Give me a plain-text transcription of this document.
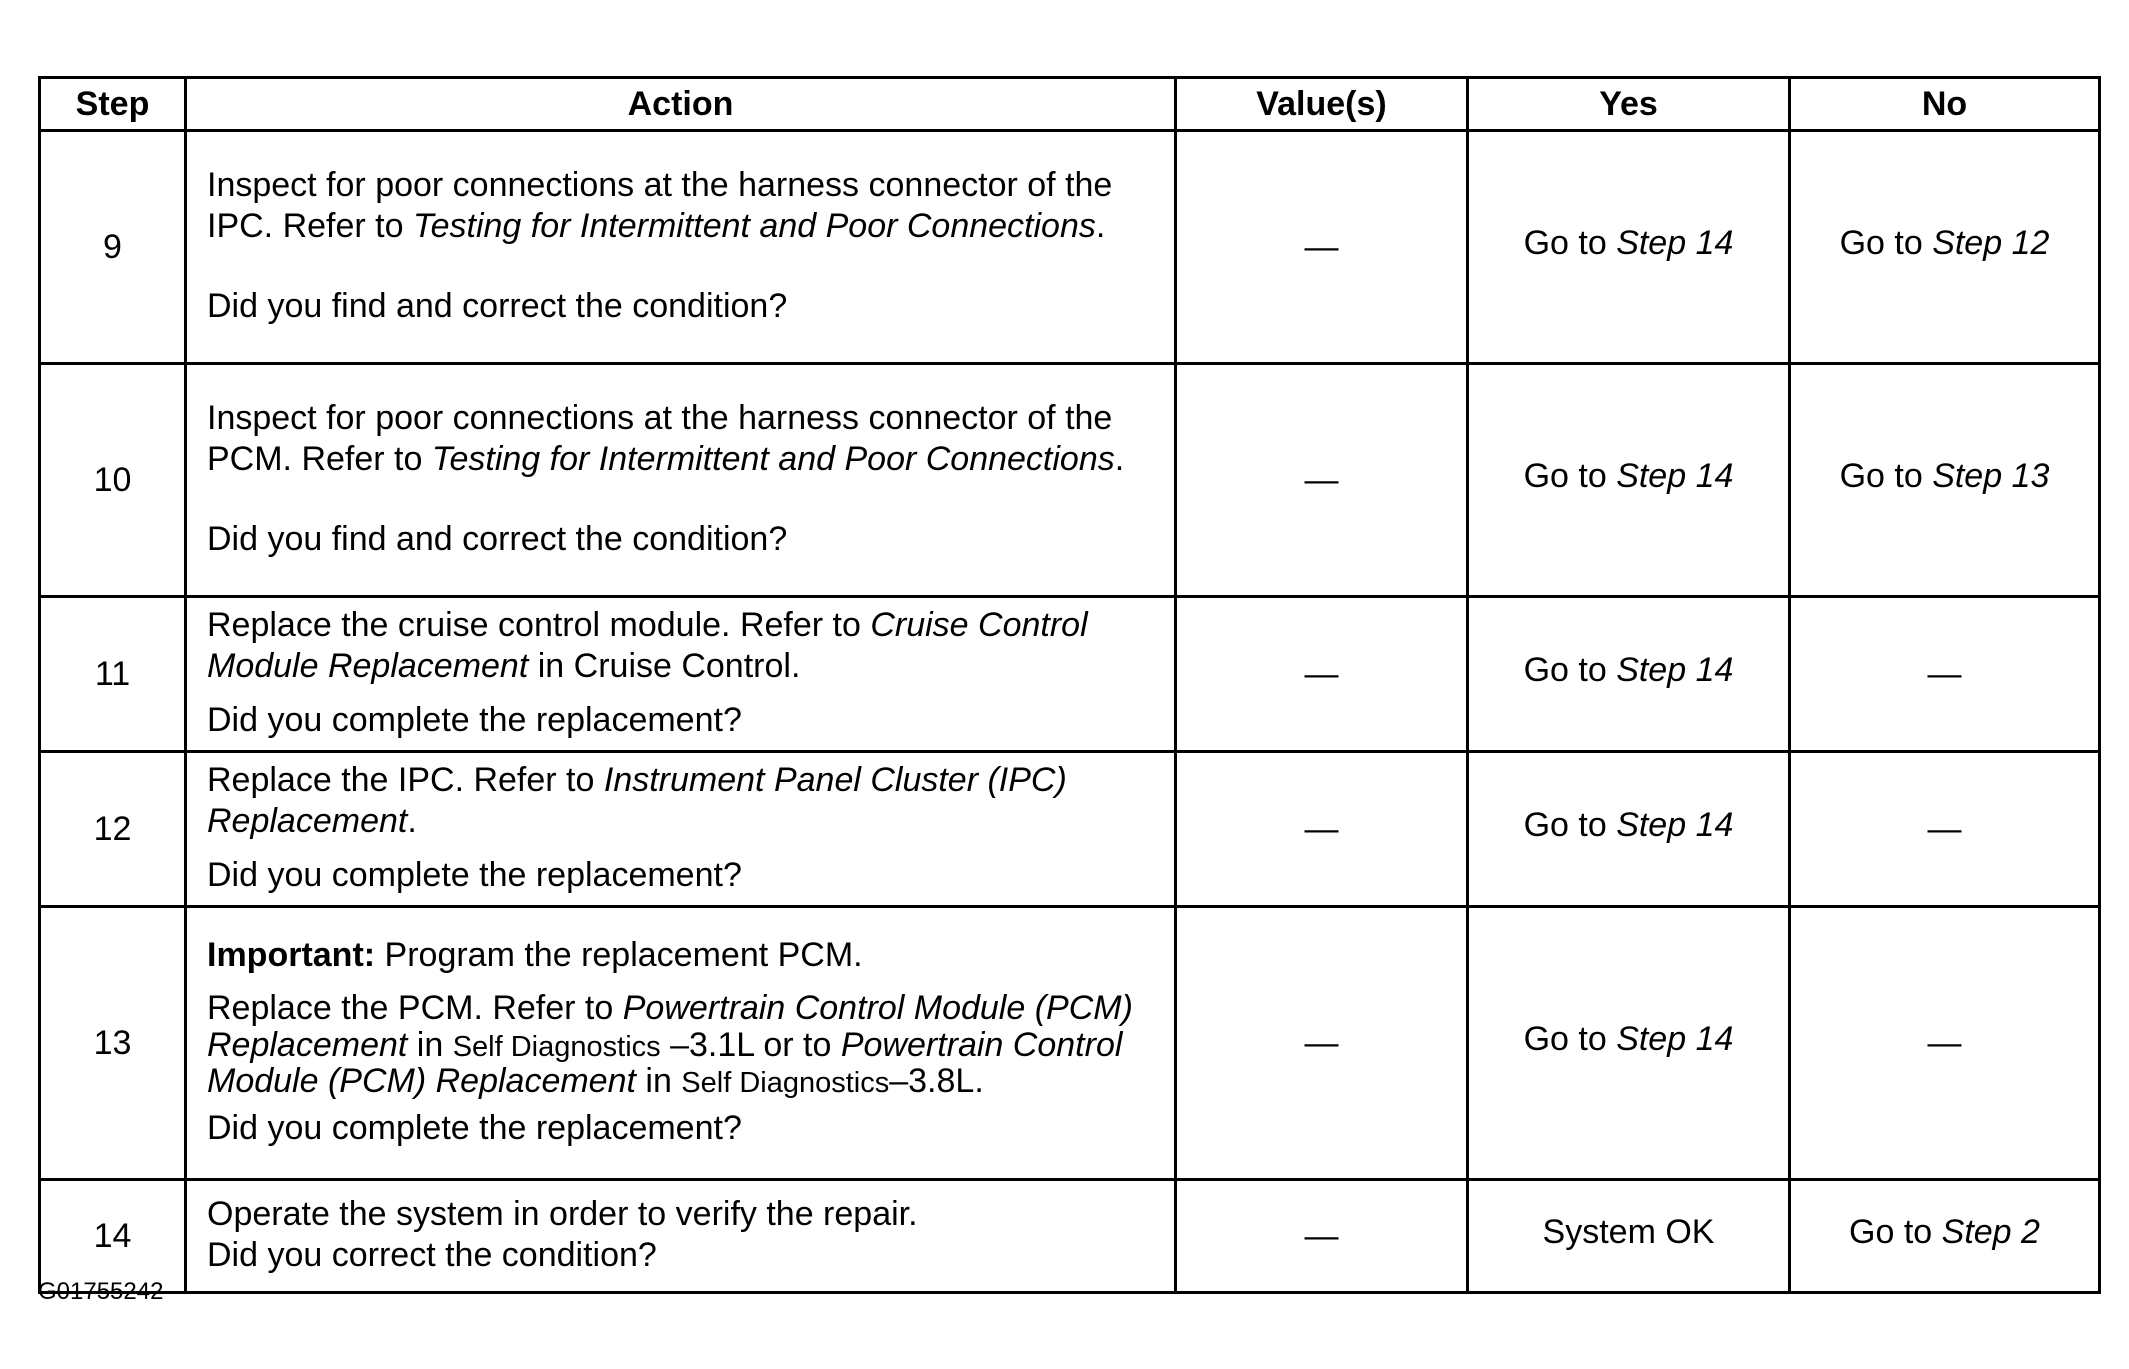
Step	Action	Value(s)	Yes	No
9	Inspect for poor connections at the harness connector of the IPC. Refer to Testing for Intermittent and Poor Connections.

Did you find and correct the condition?	—	Go to Step 14	Go to Step 12
10	Inspect for poor connections at the harness connector of the PCM. Refer to Testing for Intermittent and Poor Connections.

Did you find and correct the condition?	—	Go to Step 14	Go to Step 13
11	Replace the cruise control module. Refer to Cruise Control Module Replacement in Cruise Control.

Did you complete the replacement?	—	Go to Step 14	—
12	Replace the IPC. Refer to Instrument Panel Cluster (IPC) Replacement.

Did you complete the replacement?	—	Go to Step 14	—
13	Important: Program the replacement PCM.

Replace the PCM. Refer to Powertrain Control Module (PCM) Replacement in Self Diagnostics –3.1L or to Powertrain Control Module (PCM) Replacement in Self Diagnostics–3.8L.

Did you complete the replacement?	—	Go to Step 14	—
14	Operate the system in order to verify the repair.

Did you correct the condition?	—	System OK	Go to Step 2
G01755242
